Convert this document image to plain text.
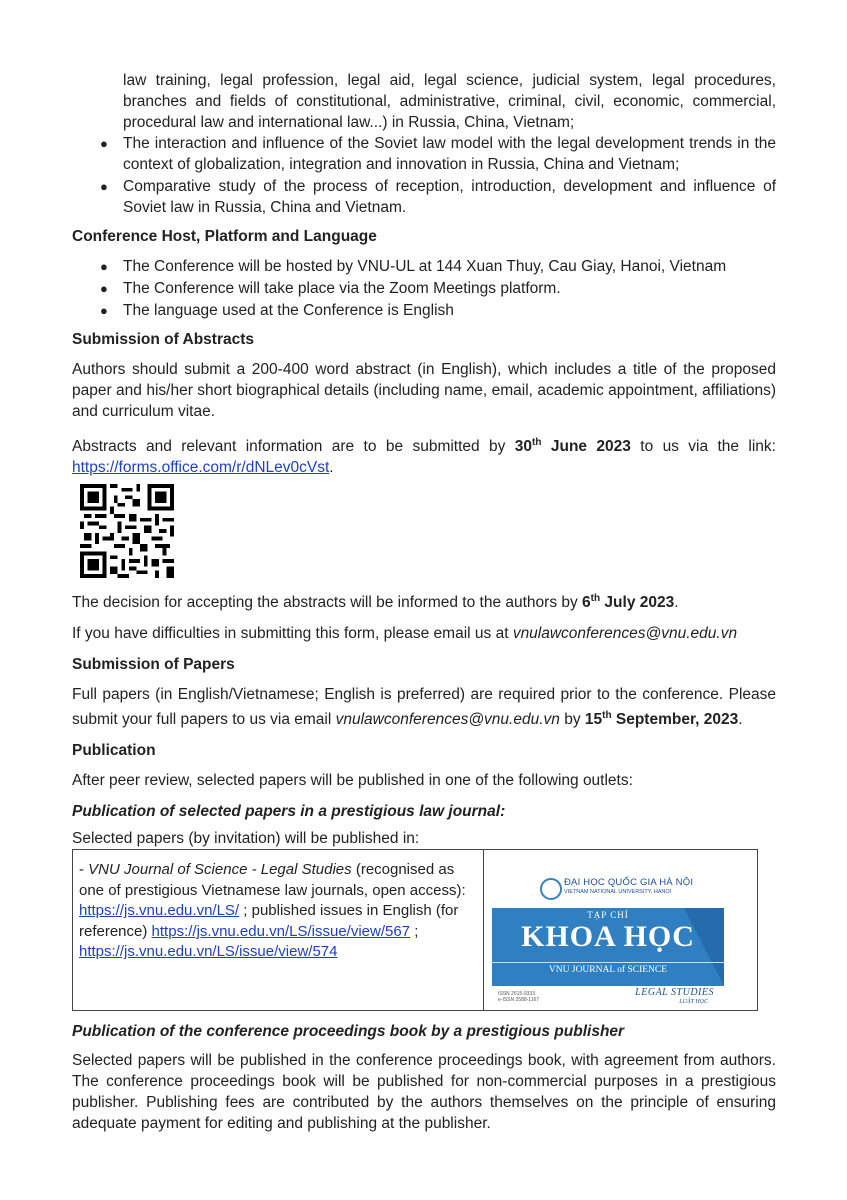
law training, legal profession, legal aid, legal science, judicial system, legal procedures, branches and fields of constitutional, administrative, criminal, civil, economic, commercial, procedural law and international law...) in Russia, China, Vietnam;
● The interaction and influence of the Soviet law model with the legal development trends in the context of globalization, integration and innovation in Russia, China and Vietnam;
● Comparative study of the process of reception, introduction, development and influence of Soviet law in Russia, China and Vietnam.
Conference Host, Platform and Language
● The Conference will be hosted by VNU-UL at 144 Xuan Thuy, Cau Giay, Hanoi, Vietnam
● The Conference will take place via the Zoom Meetings platform.
● The language used at the Conference is English
Submission of Abstracts

Authors should submit a 200-400 word abstract (in English), which includes a title of the proposed paper and his/her short biographical details (including name, email, academic appointment, affiliations) and curriculum vitae.

Abstracts and relevant information are to be submitted by 30th June 2023 to us via the link: https://forms.office.com/r/dNLev0cVst.

The decision for accepting the abstracts will be informed to the authors by 6th July 2023.

If you have difficulties in submitting this form, please email us at vnulawconferences@vnu.edu.vn

Submission of Papers

Full papers (in English/Vietnamese; English is preferred) are required prior to the conference. Please submit your full papers to us via email vnulawconferences@vnu.edu.vn by 15th September, 2023.

Publication

After peer review, selected papers will be published in one of the following outlets:

Publication of selected papers in a prestigious law journal:

Selected papers (by invitation) will be published in:

- VNU Journal of Science - Legal Studies (recognised as one of prestigious Vietnamese law journals, open access): https://js.vnu.edu.vn/LS/ ; published issues in English (for reference) https://js.vnu.edu.vn/LS/issue/view/567 ; https://js.vnu.edu.vn/LS/issue/view/574	
ĐẠI HỌC QUỐC GIA HÀ NỘI
VIETNAM NATIONAL UNIVERSITY, HANOI
TẠP CHÍ
KHOA HỌC
VNU JOURNAL of SCIENCE
ISSN 2615-9333
e-ISSN 2588-1167
LEGAL STUDIES
LUẬT HỌC
Publication of the conference proceedings book by a prestigious publisher

Selected papers will be published in the conference proceedings book, with agreement from authors. The conference proceedings book will be published for non-commercial purposes in a prestigious publisher. Publishing fees are contributed by the authors themselves on the principle of ensuring adequate payment for editing and publishing at the publisher.
